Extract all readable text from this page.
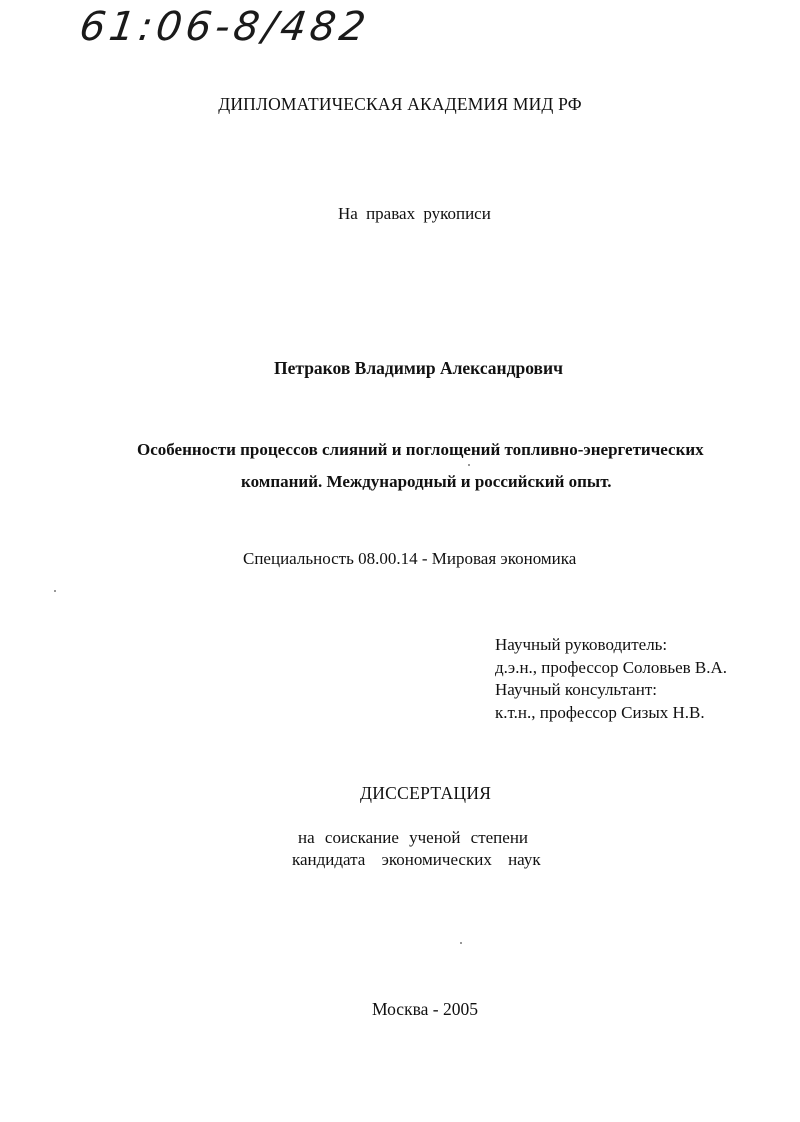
61:06-8/482
ДИПЛОМАТИЧЕСКАЯ АКАДЕМИЯ МИД РФ
На правах рукописи
Петраков Владимир Александрович
Особенности процессов слияний и поглощений топливно-энергетических
компаний. Международный и российский опыт.
Специальность 08.00.14 - Мировая экономика
Научный руководитель:
д.э.н., профессор Соловьев В.А.
Научный консультант:
к.т.н., профессор Сизых Н.В.
ДИССЕРТАЦИЯ
на соискание ученой степени
кандидата экономических наук
Москва - 2005
